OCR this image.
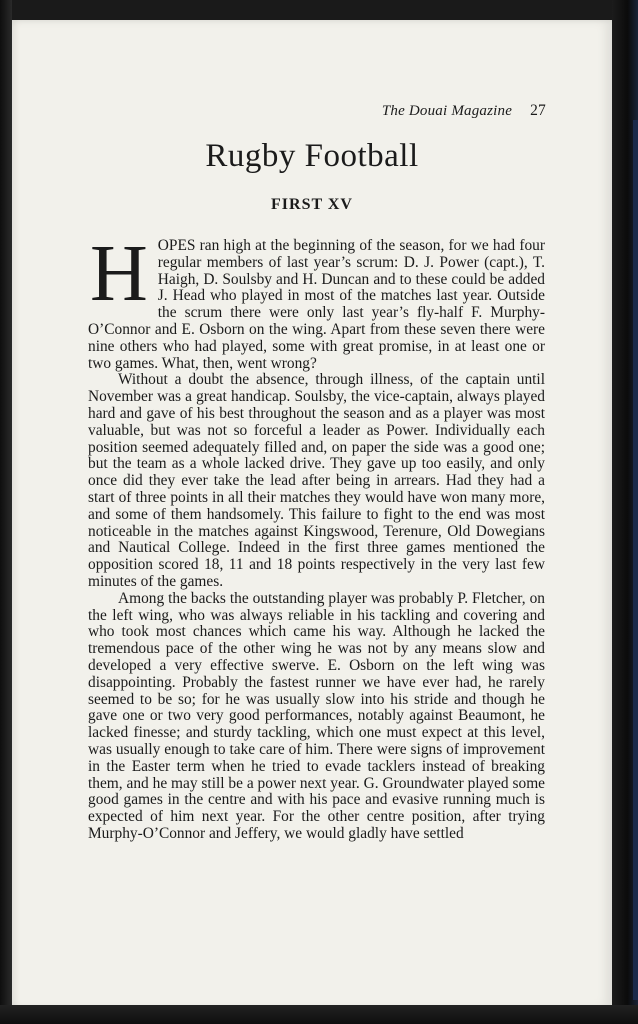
The Douai Magazine 27
Rugby Football
FIRST XV

HOPES ran high at the beginning of the season, for we had four regular members of last year’s scrum: D. J. Power (capt.), T. Haigh, D. Soulsby and H. Duncan and to these could be added J. Head who played in most of the matches last year. Outside the scrum there were only last year’s fly-half F. Murphy-O’Connor and E. Osborn on the wing. Apart from these seven there were nine others who had played, some with great promise, in at least one or two games. What, then, went wrong?

Without a doubt the absence, through illness, of the captain until November was a great handicap. Soulsby, the vice-captain, always played hard and gave of his best throughout the season and as a player was most valuable, but was not so forceful a leader as Power. Individually each position seemed adequately filled and, on paper the side was a good one; but the team as a whole lacked drive. They gave up too easily, and only once did they ever take the lead after being in arrears. Had they had a start of three points in all their matches they would have won many more, and some of them handsomely. This failure to fight to the end was most noticeable in the matches against Kingswood, Terenure, Old Dowegians and Nautical College. Indeed in the first three games mentioned the opposition scored 18, 11 and 18 points respectively in the very last few minutes of the games.

Among the backs the outstanding player was probably P. Fletcher, on the left wing, who was always reliable in his tackling and covering and who took most chances which came his way. Although he lacked the tremendous pace of the other wing he was not by any means slow and developed a very effective swerve. E. Osborn on the left wing was disappointing. Probably the fastest runner we have ever had, he rarely seemed to be so; for he was usually slow into his stride and though he gave one or two very good performances, notably against Beaumont, he lacked finesse; and sturdy tackling, which one must expect at this level, was usually enough to take care of him. There were signs of improvement in the Easter term when he tried to evade tacklers instead of breaking them, and he may still be a power next year. G. Groundwater played some good games in the centre and with his pace and evasive running much is expected of him next year. For the other centre position, after trying Murphy-O’Connor and Jeffery, we would gladly have settled
